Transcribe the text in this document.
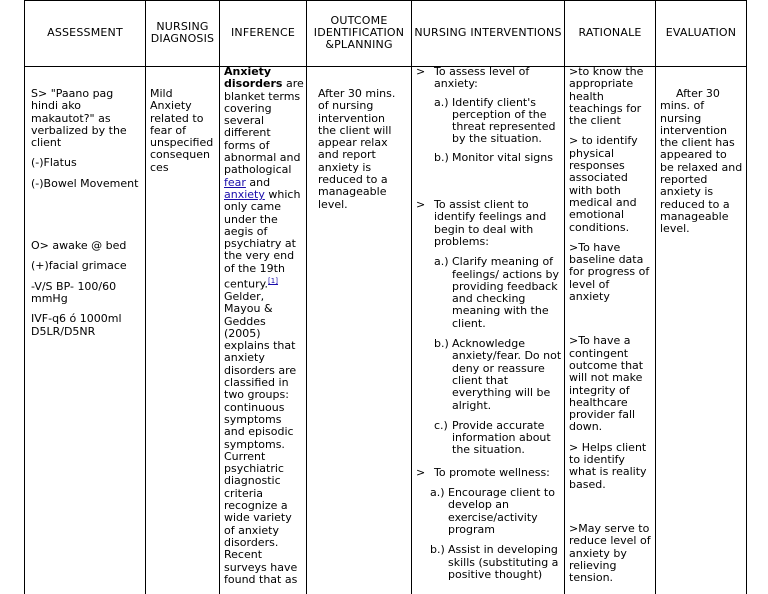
ASSESSMENT	NURSING
DIAGNOSIS INFERENCE
OUTCOME
IDENTIFICATION
&PLANNING
NURSING INTERVENTIONS RATIONALE EVALUATION

S> "Paano pag hindi ako makautot?" as verbalized by the client

(-)Flatus

(-)Bowel Movement

O> awake @ bed

(+)facial grimace

-V/S BP- 100/60 mmHg

IVF-q6 ó 1000ml D5LR/D5NR

Mild Anxiety related to fear of unspecified consequen ces
Anxiety disorders are blanket terms covering several different forms of abnormal and pathological fear and anxiety which only came under the aegis of psychiatry at the very end of the 19th century.[1] Gelder, Mayou & Geddes (2005) explains that anxiety disorders are classified in two groups: continuous symptoms and episodic symptoms. Current psychiatric diagnostic criteria recognize a wide variety of anxiety disorders. Recent surveys have found that as
After 30 mins. of nursing intervention the client will appear relax and report anxiety is reduced to a manageable level.
> To assess level of anxiety:
a.) Identify client's perception of the threat represented by the situation.
b.) Monitor vital signs
> To assist client to identify feelings and begin to deal with problems:
a.) Clarify meaning of feelings/ actions by providing feedback and checking meaning with the client.
b.) Acknowledge anxiety/fear. Do not deny or reassure client that everything will be alright.
c.) Provide accurate information about the situation.
> To promote wellness:
a.) Encourage client to develop an exercise/activity program
b.) Assist in developing skills (substituting a positive thought)

>to know the appropriate health teachings for the client

> to identify physical responses associated with both medical and emotional conditions.

>To have baseline data for progress of level of anxiety

>To have a contingent outcome that will not make integrity of healthcare provider fall down.

> Helps client to identify what is reality based.

>May serve to reduce level of anxiety by relieving tension.

After 30 mins. of nursing intervention the client has appeared to be relaxed and reported anxiety is reduced to a manageable level.
